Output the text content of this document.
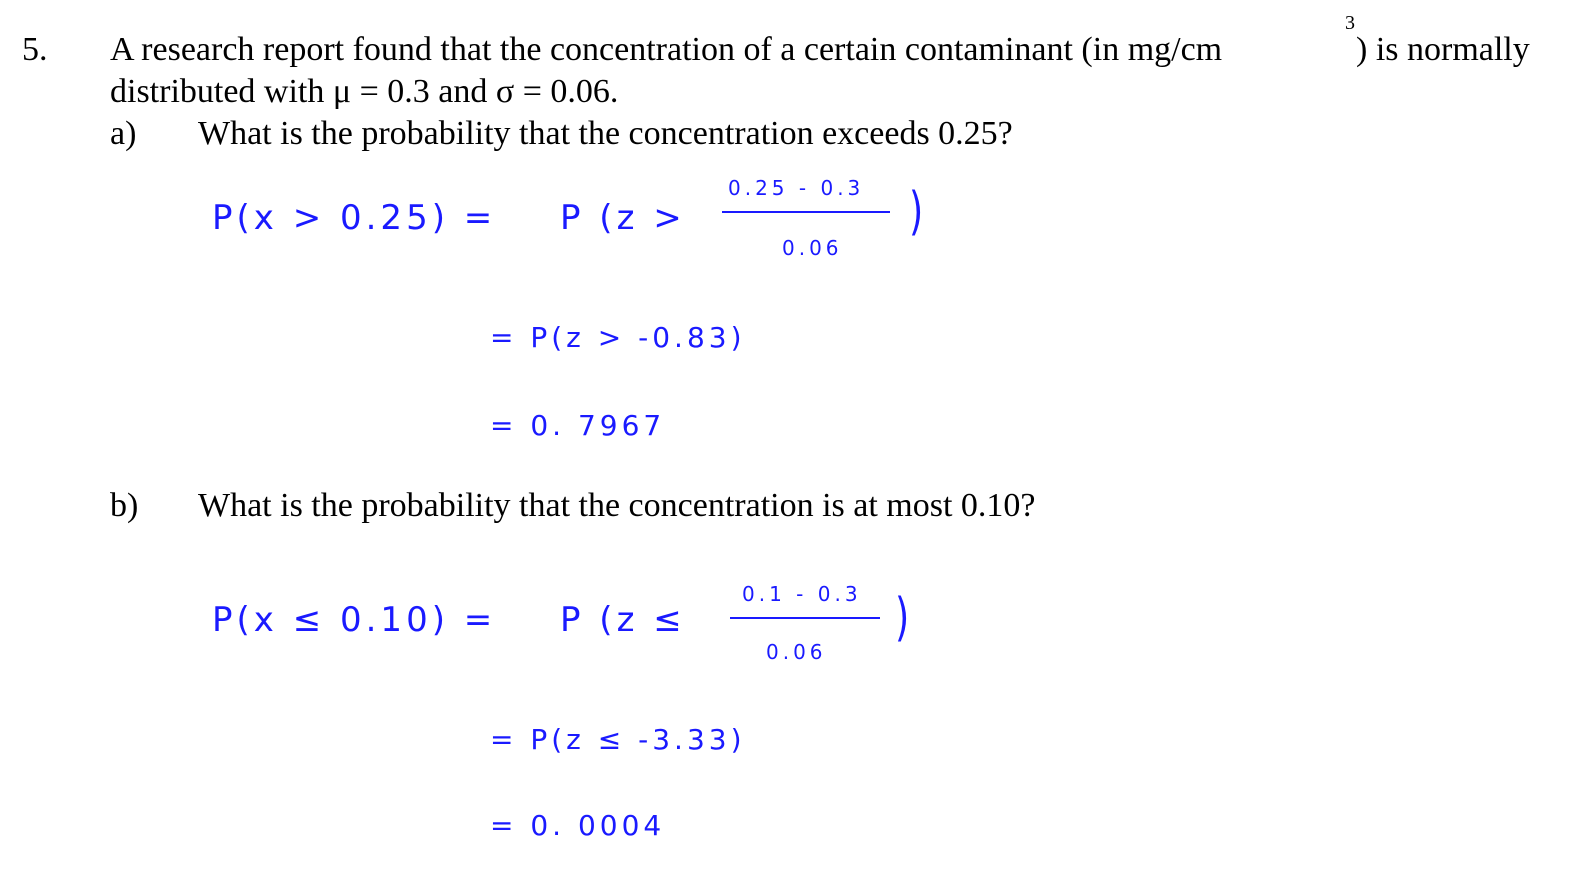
5. A research report found that the concentration of a certain contaminant (in mg/cm
3
) is normally
distributed with μ = 0.3 and σ = 0.06.
a) What is the probability that the concentration exceeds 0.25?
P(x > 0.25) = P (z >
0.25 - 0.3
0.06
)
= P(z > -0.83)
= 0. 7967
b) What is the probability that the concentration is at most 0.10?
P(x ≤ 0.10) = P (z ≤
0.1 - 0.3
0.06
)
= P(z ≤ -3.33)
= 0. 0004
